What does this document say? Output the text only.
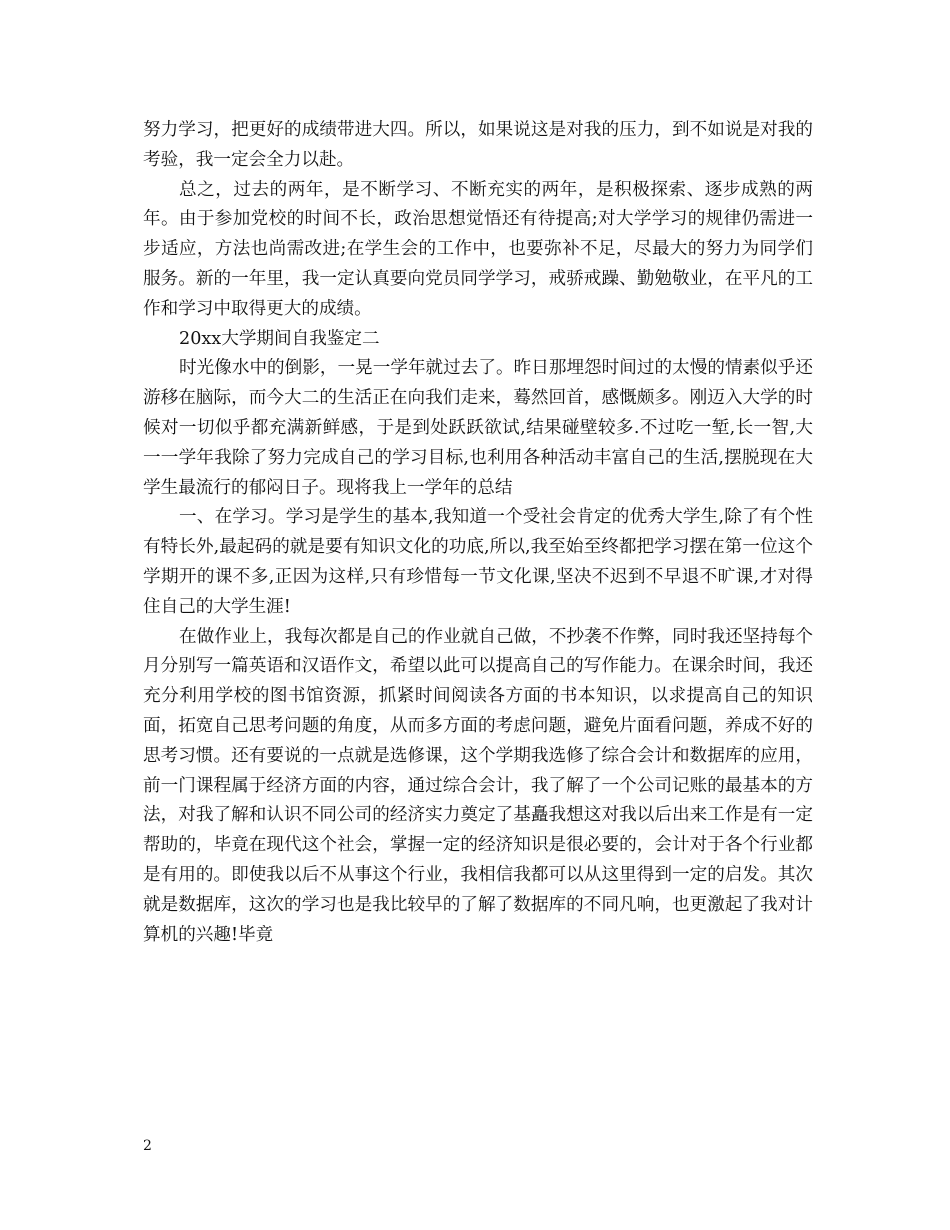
努力学习，把更好的成绩带进大四。所以，如果说这是对我的压力，到不如说是对我的考验，我一定会全力以赴。

总之，过去的两年，是不断学习、不断充实的两年，是积极探索、逐步成熟的两年。由于参加党校的时间不长，政治思想觉悟还有待提高;对大学学习的规律仍需进一步适应，方法也尚需改进;在学生会的工作中，也要弥补不足，尽最大的努力为同学们服务。新的一年里，我一定认真要向党员同学学习，戒骄戒躁、勤勉敬业，在平凡的工作和学习中取得更大的成绩。

20xx大学期间自我鉴定二

时光像水中的倒影，一晃一学年就过去了。昨日那埋怨时间过的太慢的情素似乎还游移在脑际，而今大二的生活正在向我们走来，蓦然回首，感慨颇多。刚迈入大学的时候对一切似乎都充满新鲜感，于是到处跃跃欲试,结果碰壁较多.不过吃一堑,长一智,大一一学年我除了努力完成自己的学习目标,也利用各种活动丰富自己的生活,摆脱现在大学生最流行的郁闷日子。现将我上一学年的总结

一、在学习。学习是学生的基本,我知道一个受社会肯定的优秀大学生,除了有个性有特长外,最起码的就是要有知识文化的功底,所以,我至始至终都把学习摆在第一位这个学期开的课不多,正因为这样,只有珍惜每一节文化课,坚决不迟到不早退不旷课,才对得住自己的大学生涯!

在做作业上，我每次都是自己的作业就自己做，不抄袭不作弊，同时我还坚持每个月分别写一篇英语和汉语作文，希望以此可以提高自己的写作能力。在课余时间，我还充分利用学校的图书馆资源，抓紧时间阅读各方面的书本知识，以求提高自己的知识面，拓宽自己思考问题的角度，从而多方面的考虑问题，避免片面看问题，养成不好的思考习惯。还有要说的一点就是选修课，这个学期我选修了综合会计和数据库的应用，前一门课程属于经济方面的内容，通过综合会计，我了解了一个公司记账的最基本的方法，对我了解和认识不同公司的经济实力奠定了基矗我想这对我以后出来工作是有一定帮助的，毕竟在现代这个社会，掌握一定的经济知识是很必要的，会计对于各个行业都是有用的。即使我以后不从事这个行业，我相信我都可以从这里得到一定的启发。其次就是数据库，这次的学习也是我比较早的了解了数据库的不同凡响，也更激起了我对计算机的兴趣!毕竟

2
